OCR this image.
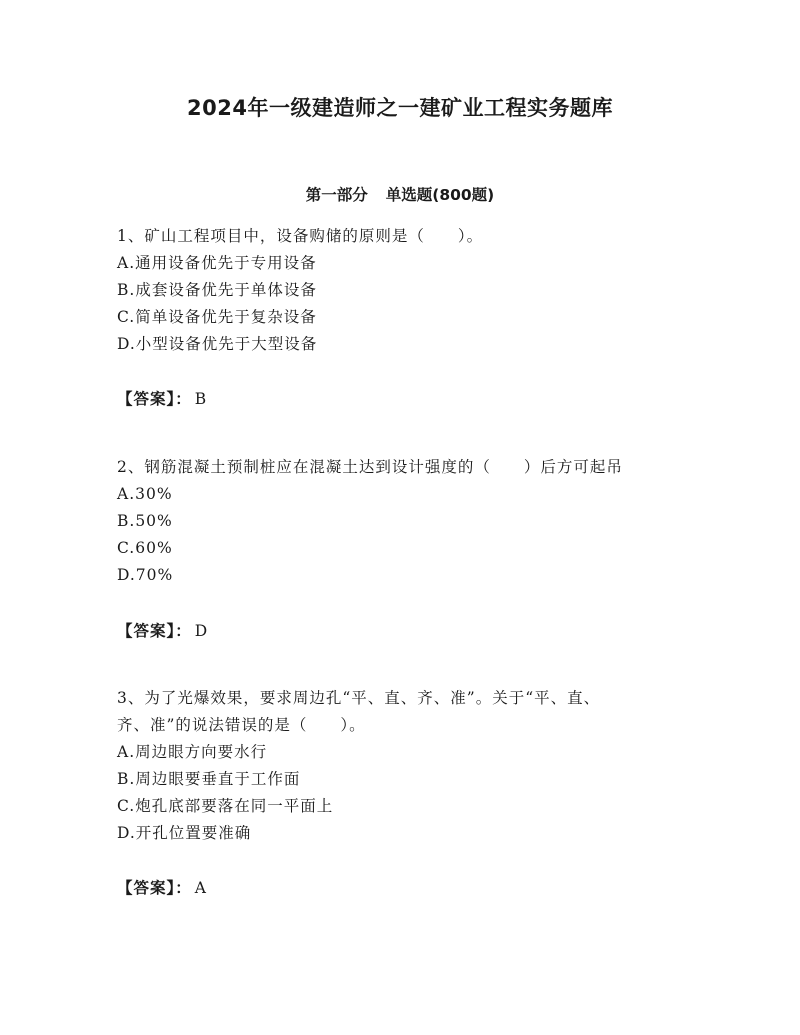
2024年一级建造师之一建矿业工程实务题库
第一部分 单选题(800题)
1、矿山工程项目中，设备购储的原则是（　　）。
A.通用设备优先于专用设备
B.成套设备优先于单体设备
C.简单设备优先于复杂设备
D.小型设备优先于大型设备
【答案】： B
2、钢筋混凝土预制桩应在混凝土达到设计强度的（　　）后方可起吊
A.30%
B.50%
C.60%
D.70%
【答案】： D
3、为了光爆效果，要求周边孔“平、直、齐、准”。关于“平、直、
齐、准”的说法错误的是（　　）。
A.周边眼方向要水行
B.周边眼要垂直于工作面
C.炮孔底部要落在同一平面上
D.开孔位置要准确
【答案】： A
